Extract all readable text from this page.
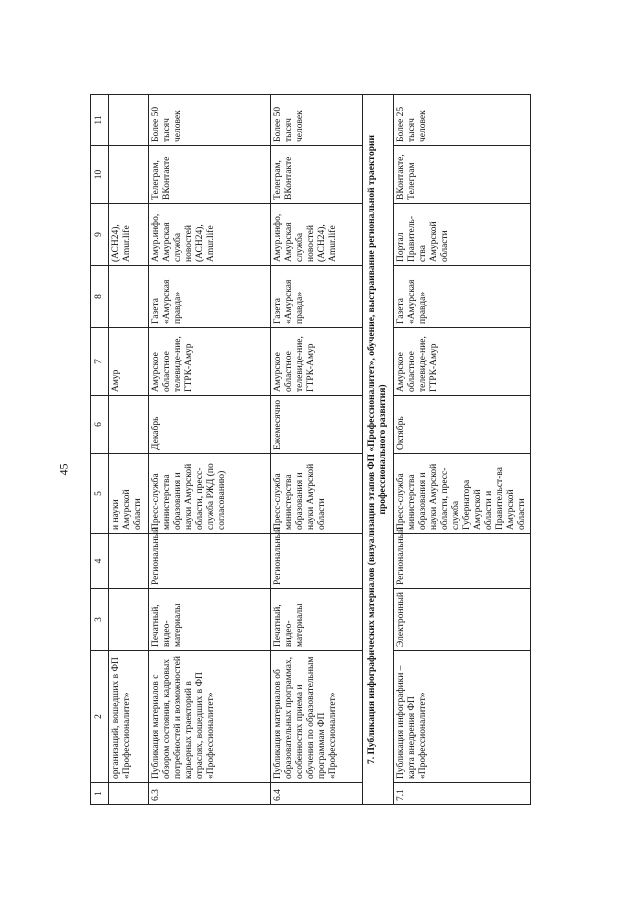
45
1	2	3	4	5	6	7	8	9	10	11
	организаций, вошедших в ФП «Профессионалитет»			и науки Амурской области		Амур		(АСН24), Amur.life		
6.3	Публикация материалов с обзором состояния, кадровых потребностей и возможностей карьерных траекторий в отраслях, вошедших в ФП «Профессионалитет»	Печатный, видео-материалы	Региональный	Пресс-служба министерства образования и науки Амурской области, пресс-служба РЖД (по согласованию)	Декабрь	Амурское областное телевиде-ние, ГТРК-Амур	Газета «Амурская правда»	Амур.инфо, Амурская служба новостей (АСН24), Amur.life	Телеграм, ВКонтакте	Более 50 тысяч человек
6.4	Публикация материалов об образовательных программах, особенностях приема и обучения по образовательным программам ФП «Профессионалитет»	Печатный, видео-материалы	Региональный	Пресс-служба министерства образования и науки Амурской области	Ежемесячно	Амурское областное телевиде-ние, ГТРК-Амур	Газета «Амурская правда»	Амур.инфо, Амурская служба новостей (АСН24), Amur.life	Телеграм, ВКонтакте	Более 50 тысяч человек
7. Публикация инфографических материалов (визуализация этапов ФП «Профессионалитет», обучение, выстраивание региональной траектории профессионального развития)										
7.1	Публикация инфографики – карта внедрения ФП «Профессионалитет»	Электронный	Региональный	Пресс-служба министерства образования и науки Амурской области, пресс-служба Губернатора Амурской области и Правительст-ва Амурской области	Октябрь	Амурское областное телевиде-ние, ГТРК-Амур	Газета «Амурская правда»	Портал Правитель-ства Амурской области	ВКонтакте, Телеграм	Более 25 тысяч человек
